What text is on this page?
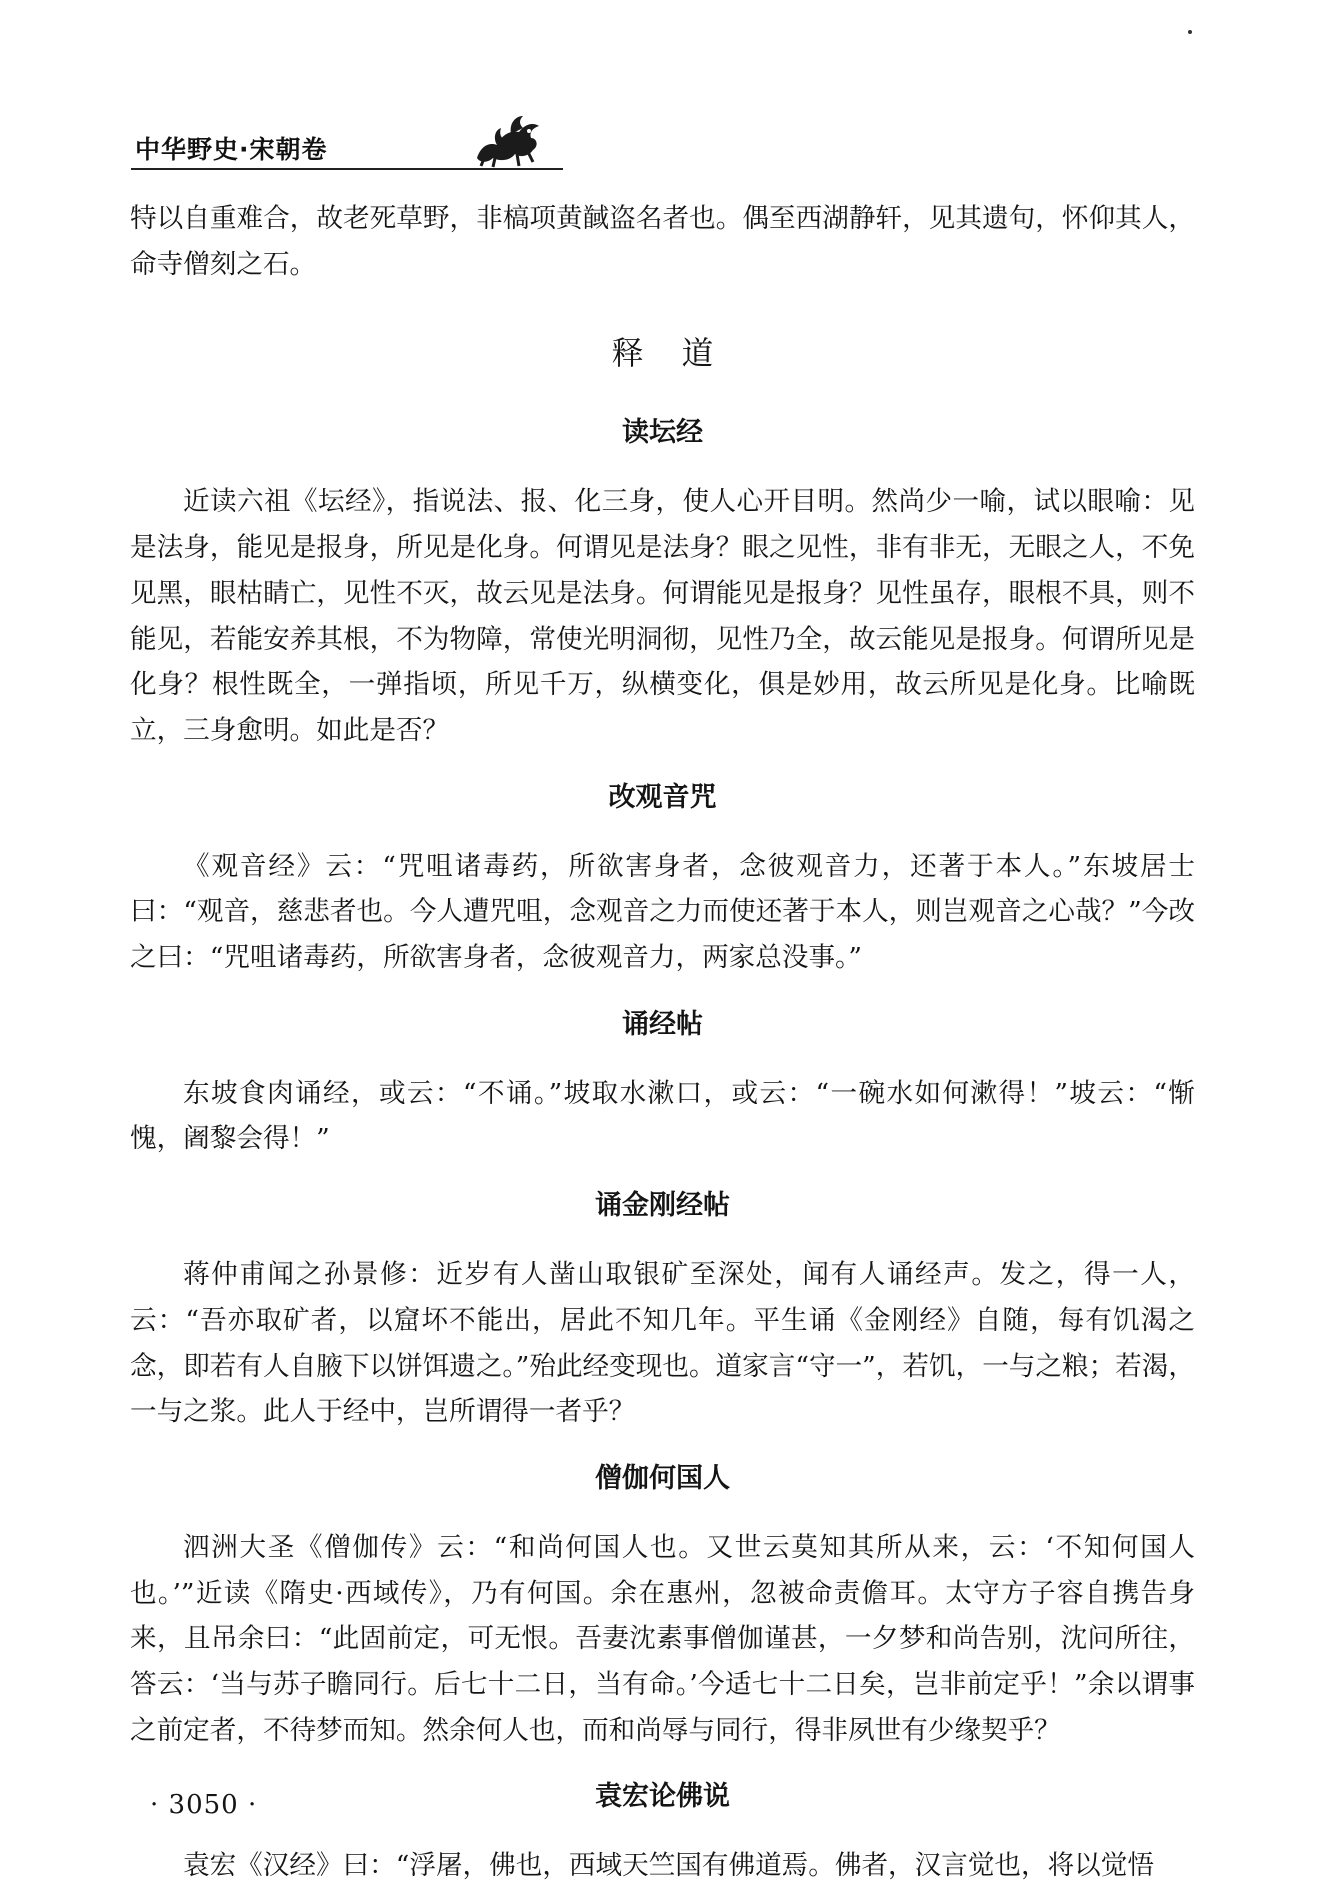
中华野史·宋朝卷

特以自重难合，故老死草野，非槁项黄馘盗名者也。偶至西湖静轩，见其遗句，怀仰其人，命寺僧刻之石。

释道
读坛经

近读六祖《坛经》，指说法、报、化三身，使人心开目明。然尚少一喻，试以眼喻：见是法身，能见是报身，所见是化身。何谓见是法身？眼之见性，非有非无，无眼之人，不免见黑，眼枯睛亡，见性不灭，故云见是法身。何谓能见是报身？见性虽存，眼根不具，则不能见，若能安养其根，不为物障，常使光明洞彻，见性乃全，故云能见是报身。何谓所见是化身？根性既全，一弹指顷，所见千万，纵横变化，俱是妙用，故云所见是化身。比喻既立，三身愈明。如此是否？

改观音咒

《观音经》云：“咒咀诸毒药，所欲害身者，念彼观音力，还著于本人。”东坡居士曰：“观音，慈悲者也。今人遭咒咀，念观音之力而使还著于本人，则岂观音之心哉？”今改之曰：“咒咀诸毒药，所欲害身者，念彼观音力，两家总没事。”

诵经帖

东坡食肉诵经，或云：“不诵。”坡取水漱口，或云：“一碗水如何漱得！”坡云：“惭愧，阇黎会得！”

诵金刚经帖

蒋仲甫闻之孙景修：近岁有人凿山取银矿至深处，闻有人诵经声。发之，得一人，云：“吾亦取矿者，以窟坏不能出，居此不知几年。平生诵《金刚经》自随，每有饥渴之念，即若有人自腋下以饼饵遗之。”殆此经变现也。道家言“守一”，若饥，一与之粮；若渴，一与之浆。此人于经中，岂所谓得一者乎？

僧伽何国人

泗洲大圣《僧伽传》云：“和尚何国人也。又世云莫知其所从来，云：‘不知何国人也。’”近读《隋史·西域传》，乃有何国。余在惠州，忽被命责儋耳。太守方子容自携告身来，且吊余曰：“此固前定，可无恨。吾妻沈素事僧伽谨甚，一夕梦和尚告别，沈问所往，答云：‘当与苏子瞻同行。后七十二日，当有命。’今适七十二日矣，岂非前定乎！”余以谓事之前定者，不待梦而知。然余何人也，而和尚辱与同行，得非夙世有少缘契乎？

袁宏论佛说

袁宏《汉经》曰：“浮屠，佛也，西域天竺国有佛道焉。佛者，汉言觉也，将以觉悟

· 3050 ·
